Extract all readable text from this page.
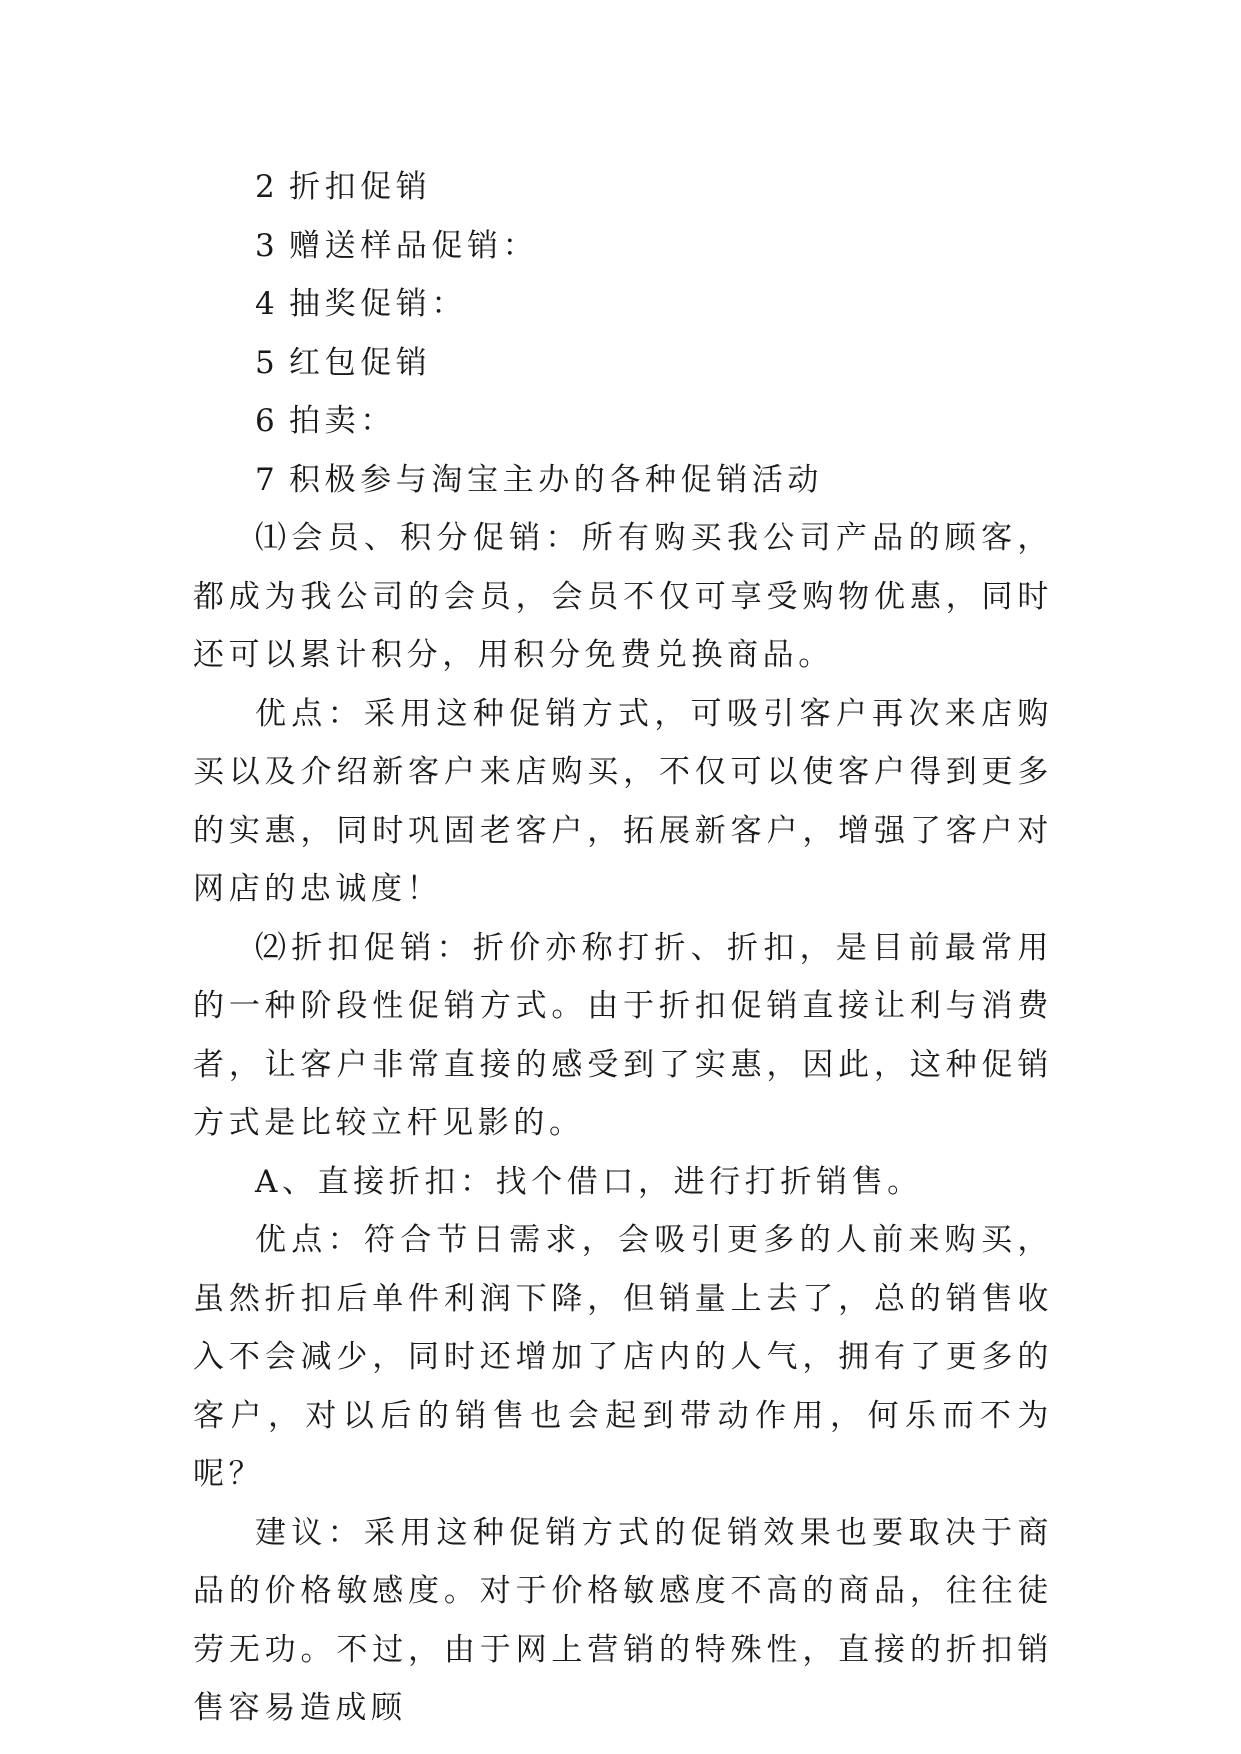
2 折扣促销

3 赠送样品促销：

4 抽奖促销：

5 红包促销

6 拍卖：

7 积极参与淘宝主办的各种促销活动

⑴会员、积分促销：所有购买我公司产品的顾客，都成为我公司的会员，会员不仅可享受购物优惠，同时还可以累计积分，用积分免费兑换商品。

优点：采用这种促销方式，可吸引客户再次来店购买以及介绍新客户来店购买，不仅可以使客户得到更多的实惠，同时巩固老客户，拓展新客户，增强了客户对网店的忠诚度！

⑵折扣促销：折价亦称打折、折扣，是目前最常用的一种阶段性促销方式。由于折扣促销直接让利与消费者，让客户非常直接的感受到了实惠，因此，这种促销方式是比较立杆见影的。

A、直接折扣：找个借口，进行打折销售。

优点：符合节日需求，会吸引更多的人前来购买，虽然折扣后单件利润下降，但销量上去了，总的销售收入不会减少，同时还增加了店内的人气，拥有了更多的客户，对以后的销售也会起到带动作用，何乐而不为呢？

建议：采用这种促销方式的促销效果也要取决于商品的价格敏感度。对于价格敏感度不高的商品，往往徒劳无功。不过，由于网上营销的特殊性，直接的折扣销售容易造成顾
